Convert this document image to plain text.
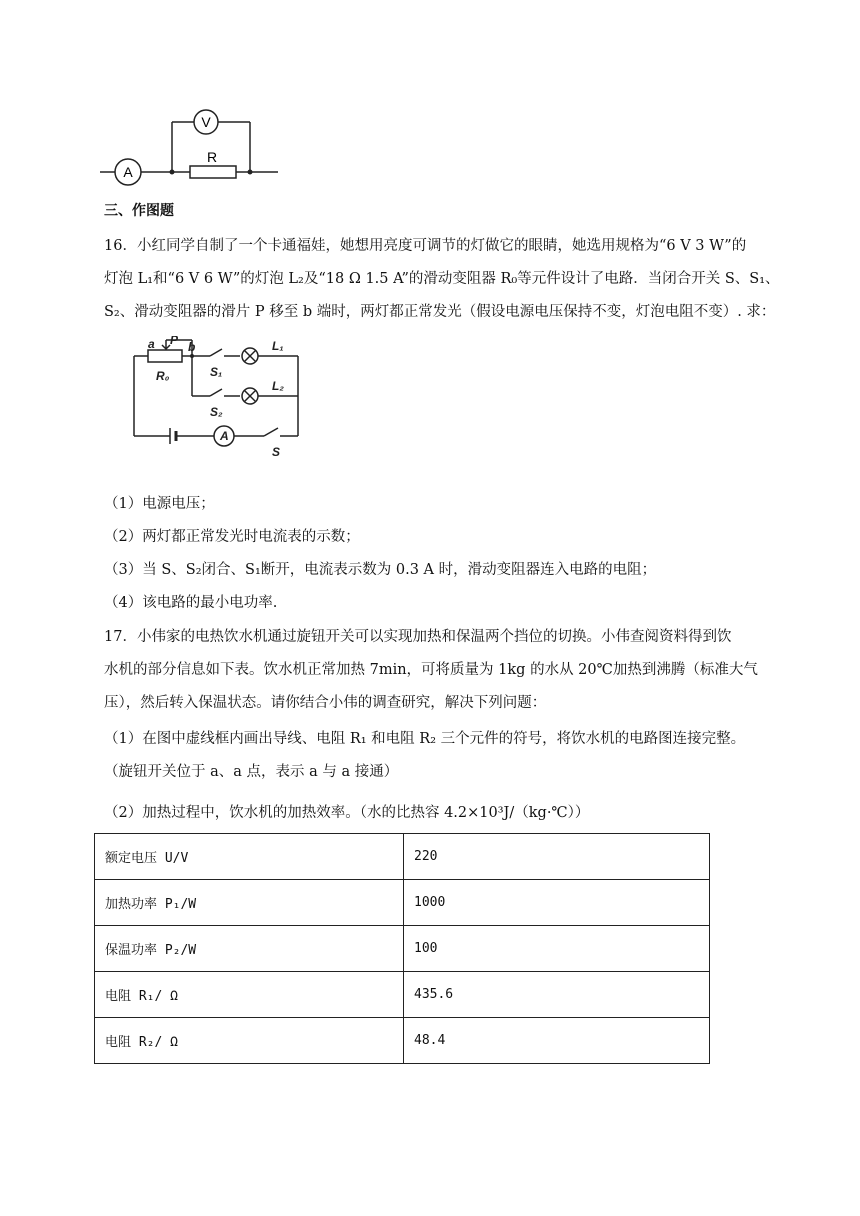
V
R
A
三、作图题
16．小红同学自制了一个卡通福娃，她想用亮度可调节的灯做它的眼睛，她选用规格为“6 V 3 W”的
灯泡 L₁和“6 V 6 W”的灯泡 L₂及“18 Ω 1.5 A”的滑动变阻器 R₀等元件设计了电路．当闭合开关 S、S₁、
S₂、滑动变阻器的滑片 P 移至 b 端时，两灯都正常发光（假设电源电压保持不变，灯泡电阻不变）. 求：
a P b
R₀	S₁
S₂
L₁
L₂
A
S
（1）电源电压；
（2）两灯都正常发光时电流表的示数；
（3）当 S、S₂闭合、S₁断开，电流表示数为 0.3 A 时，滑动变阻器连入电路的电阻；
（4）该电路的最小电功率.
17．小伟家的电热饮水机通过旋钮开关可以实现加热和保温两个挡位的切换。小伟查阅资料得到饮
水机的部分信息如下表。饮水机正常加热 7min，可将质量为 1kg 的水从 20℃加热到沸腾（标准大气
压），然后转入保温状态。请你结合小伟的调查研究，解决下列问题：
（1）在图中虚线框内画出导线、电阻 R₁ 和电阻 R₂ 三个元件的符号，将饮水机的电路图连接完整。
（旋钮开关位于 a、a 点，表示 a 与 a 接通）
（2）加热过程中，饮水机的加热效率。（水的比热容 4.2×10³J/（kg·℃））
额定电压 U/V	220
加热功率 P₁/W	1000
保温功率 P₂/W	100
电阻 R₁/ Ω	435.6
电阻 R₂/ Ω	48.4
